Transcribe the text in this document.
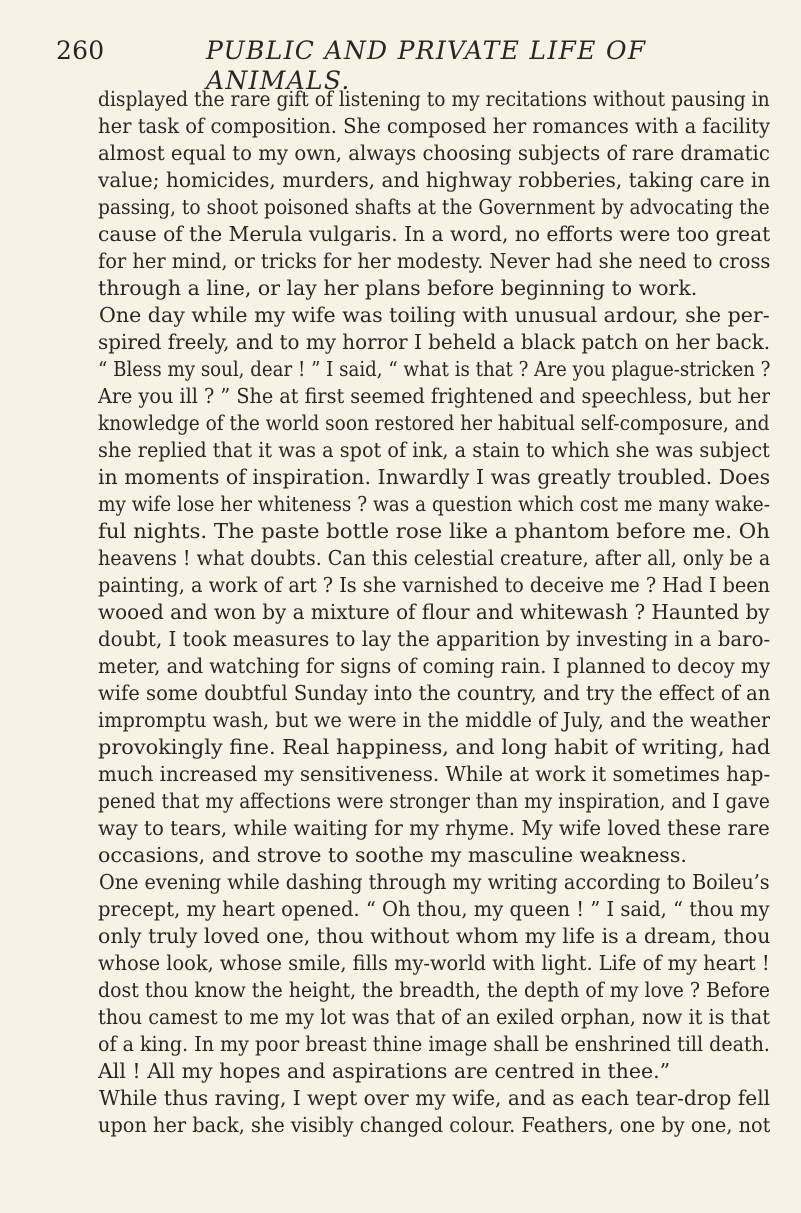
260	PUBLIC AND PRIVATE LIFE OF ANIMALS.
displayed the rare gift of listening to my recitations without pausing in
her task of composition. She composed her romances with a facility
almost equal to my own, always choosing subjects of rare dramatic
value; homicides, murders, and highway robberies, taking care in
passing, to shoot poisoned shafts at the Government by advocating the
cause of the Merula vulgaris. In a word, no efforts were too great
for her mind, or tricks for her modesty. Never had she need to cross
through a line, or lay her plans before beginning to work.
One day while my wife was toiling with unusual ardour, she per-
spired freely, and to my horror I beheld a black patch on her back.
“ Bless my soul, dear ! ” I said, “ what is that ? Are you plague-stricken ?
Are you ill ? ” She at first seemed frightened and speechless, but her
knowledge of the world soon restored her habitual self-composure, and
she replied that it was a spot of ink, a stain to which she was subject
in moments of inspiration. Inwardly I was greatly troubled. Does
my wife lose her whiteness ? was a question which cost me many wake-
ful nights. The paste bottle rose like a phantom before me. Oh
heavens ! what doubts. Can this celestial creature, after all, only be a
painting, a work of art ? Is she varnished to deceive me ? Had I been
wooed and won by a mixture of flour and whitewash ? Haunted by
doubt, I took measures to lay the apparition by investing in a baro-
meter, and watching for signs of coming rain. I planned to decoy my
wife some doubtful Sunday into the country, and try the effect of an
impromptu wash, but we were in the middle of July, and the weather
provokingly fine. Real happiness, and long habit of writing, had
much increased my sensitiveness. While at work it sometimes hap-
pened that my affections were stronger than my inspiration, and I gave
way to tears, while waiting for my rhyme. My wife loved these rare
occasions, and strove to soothe my masculine weakness.
One evening while dashing through my writing according to Boileu’s
precept, my heart opened. “ Oh thou, my queen ! ” I said, “ thou my
only truly loved one, thou without whom my life is a dream, thou
whose look, whose smile, fills my-world with light. Life of my heart !
dost thou know the height, the breadth, the depth of my love ? Before
thou camest to me my lot was that of an exiled orphan, now it is that
of a king. In my poor breast thine image shall be enshrined till death.
All ! All my hopes and aspirations are centred in thee.”
While thus raving, I wept over my wife, and as each tear-drop fell
upon her back, she visibly changed colour. Feathers, one by one, not
